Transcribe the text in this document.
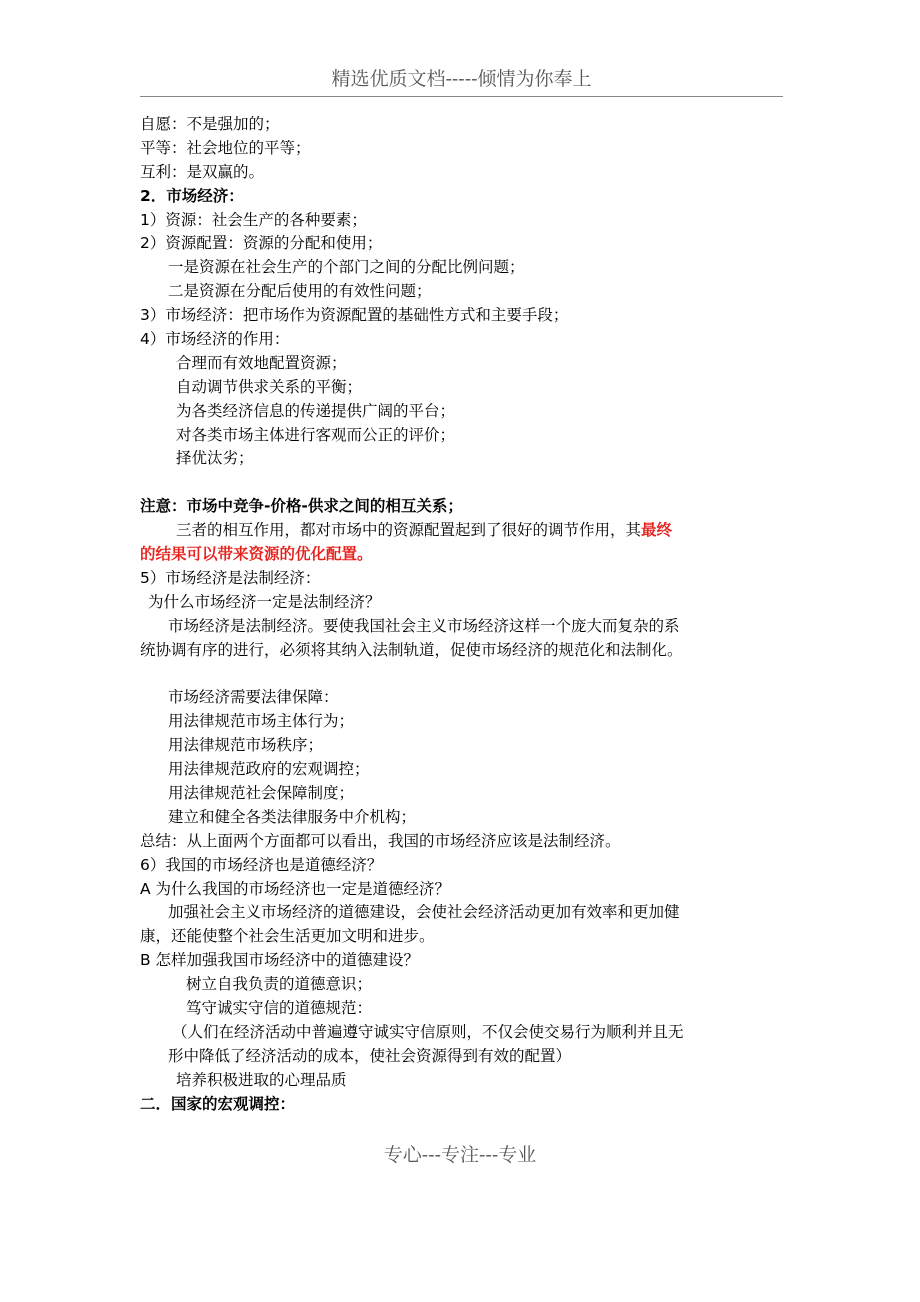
精选优质文档-----倾情为你奉上
自愿：不是强加的；
平等：社会地位的平等；
互利：是双赢的。
2．市场经济：
1）资源：社会生产的各种要素；
2）资源配置：资源的分配和使用；
一是资源在社会生产的个部门之间的分配比例问题；
二是资源在分配后使用的有效性问题；
3）市场经济：把市场作为资源配置的基础性方式和主要手段；
4）市场经济的作用：
合理而有效地配置资源；
自动调节供求关系的平衡；
为各类经济信息的传递提供广阔的平台；
对各类市场主体进行客观而公正的评价；
择优汰劣；
注意：市场中竞争-价格-供求之间的相互关系；
三者的相互作用，都对市场中的资源配置起到了很好的调节作用，其最终
的结果可以带来资源的优化配置。
5）市场经济是法制经济：
为什么市场经济一定是法制经济？
市场经济是法制经济。要使我国社会主义市场经济这样一个庞大而复杂的系
统协调有序的进行，必须将其纳入法制轨道，促使市场经济的规范化和法制化。
市场经济需要法律保障：
用法律规范市场主体行为；
用法律规范市场秩序；
用法律规范政府的宏观调控；
用法律规范社会保障制度；
建立和健全各类法律服务中介机构；
总结：从上面两个方面都可以看出，我国的市场经济应该是法制经济。
6）我国的市场经济也是道德经济？
A 为什么我国的市场经济也一定是道德经济？
加强社会主义市场经济的道德建设，会使社会经济活动更加有效率和更加健
康，还能使整个社会生活更加文明和进步。
B 怎样加强我国市场经济中的道德建设？
树立自我负责的道德意识；
笃守诚实守信的道德规范：
（人们在经济活动中普遍遵守诚实守信原则，不仅会使交易行为顺利并且无
形中降低了经济活动的成本，使社会资源得到有效的配置）
培养积极进取的心理品质
二．国家的宏观调控：
专心---专注---专业
